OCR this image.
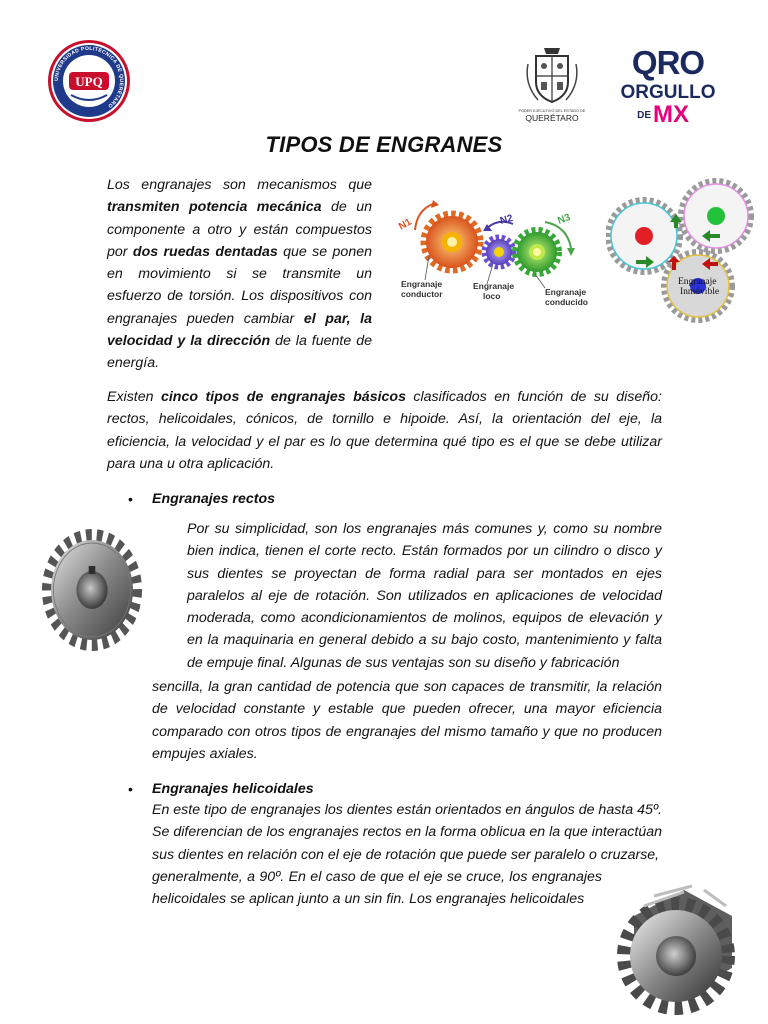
UNIVERSIDAD POLITÉCNICA DE QUERÉTARO
UPQ
PODER EJECUTIVO DEL ESTADO DE
QUERÉTARO
QRO
ORGULLO
DE MX
TIPOS DE ENGRANES
Los engranajes son mecanismos que transmiten potencia mecánica de un componente a otro y están compuestos por dos ruedas dentadas que se ponen en movimiento si se transmite un esfuerzo de torsión. Los dispositivos con engranajes pueden cambiar el par, la velocidad y la dirección de la fuente de energía.
N1	N2	N3
Engranaje
conductor
Engranaje
loco	Engranaje
conducido
Engranaje
Inmóvible
Existen cinco tipos de engranajes básicos clasificados en función de su diseño: rectos, helicoidales, cónicos, de tornillo e hipoide. Así, la orientación del eje, la eficiencia, la velocidad y el par es lo que determina qué tipo es el que se debe utilizar para una u otra aplicación.
• Engranajes rectos
Por su simplicidad, son los engranajes más comunes y, como su nombre bien indica, tienen el corte recto. Están formados por un cilindro o disco y sus dientes se proyectan de forma radial para ser montados en ejes paralelos al eje de rotación. Son utilizados en aplicaciones de velocidad moderada, como acondicionamientos de molinos, equipos de elevación y en la maquinaria en general debido a su bajo costo, mantenimiento y falta de empuje final. Algunas de sus ventajas son su diseño y fabricación
sencilla, la gran cantidad de potencia que son capaces de transmitir, la relación de velocidad constante y estable que pueden ofrecer, una mayor eficiencia comparado con otros tipos de engranajes del mismo tamaño y que no producen empujes axiales.
• Engranajes helicoidales
En este tipo de engranajes los dientes están orientados en ángulos de hasta 45º. Se diferencian de los engranajes rectos en la forma oblicua en la que interactúan sus dientes en relación con el eje de rotación que puede ser paralelo o cruzarse,
generalmente, a 90º. En el caso de que el eje se cruce, los engranajes helicoidales se aplican junto a un sin fin. Los engranajes helicoidales
